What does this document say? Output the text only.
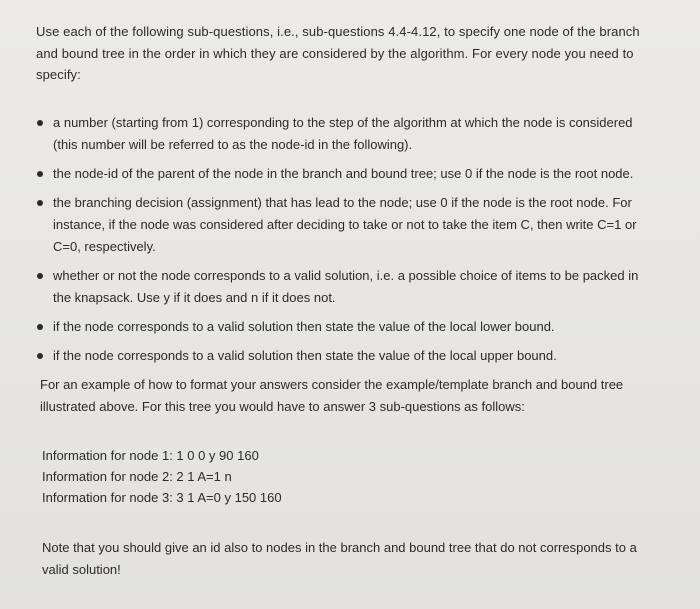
Use each of the following sub-questions, i.e., sub-questions 4.4-4.12, to specify one node of the branch and bound tree in the order in which they are considered by the algorithm. For every node you need to specify:

a number (starting from 1) corresponding to the step of the algorithm at which the node is considered (this number will be referred to as the node-id in the following).
the node-id of the parent of the node in the branch and bound tree; use 0 if the node is the root node.
the branching decision (assignment) that has lead to the node; use 0 if the node is the root node. For instance, if the node was considered after deciding to take or not to take the item C, then write C=1 or C=0, respectively.
whether or not the node corresponds to a valid solution, i.e. a possible choice of items to be packed in the knapsack. Use y if it does and n if it does not.
if the node corresponds to a valid solution then state the value of the local lower bound.
if the node corresponds to a valid solution then state the value of the local upper bound.

For an example of how to format your answers consider the example/template branch and bound tree illustrated above. For this tree you would have to answer 3 sub-questions as follows:

Information for node 1: 1 0 0 y 90 160
Information for node 2: 2 1 A=1 n
Information for node 3: 3 1 A=0 y 150 160

Note that you should give an id also to nodes in the branch and bound tree that do not corresponds to a valid solution!
